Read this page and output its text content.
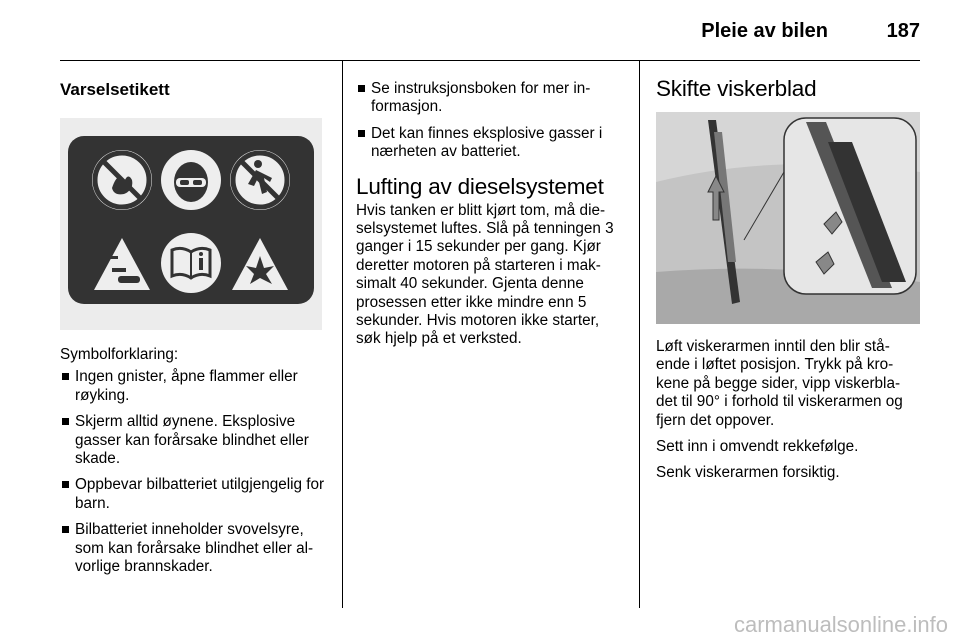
Pleie av bilen	187
Varselsetikett

Symbolforklaring:

Ingen gnister, åpne flammer eller røyking.
Skjerm alltid øynene. Eksplosive gasser kan forårsake blindhet eller skade.
Oppbevar bilbatteriet utilgjengelig for barn.
Bilbatteriet inneholder svovelsyre, som kan forårsake blindhet eller al-vorlige brannskader.
Se instruksjonsboken for mer in-formasjon.
Det kan finnes eksplosive gasser i nærheten av batteriet.
Lufting av dieselsystemet

Hvis tanken er blitt kjørt tom, må die-selsystemet luftes. Slå på tenningen 3 ganger i 15 sekunder per gang. Kjør deretter motoren på starteren i mak-simalt 40 sekunder. Gjenta denne prosessen etter ikke mindre enn 5 sekunder. Hvis motoren ikke starter, søk hjelp på et verksted.

Skifte viskerblad

Løft viskerarmen inntil den blir stå-ende i løftet posisjon. Trykk på kro-kene på begge sider, vipp viskerbla-det til 90° i forhold til viskerarmen og fjern det oppover.

Sett inn i omvendt rekkefølge.

Senk viskerarmen forsiktig.

carmanualsonline.info
